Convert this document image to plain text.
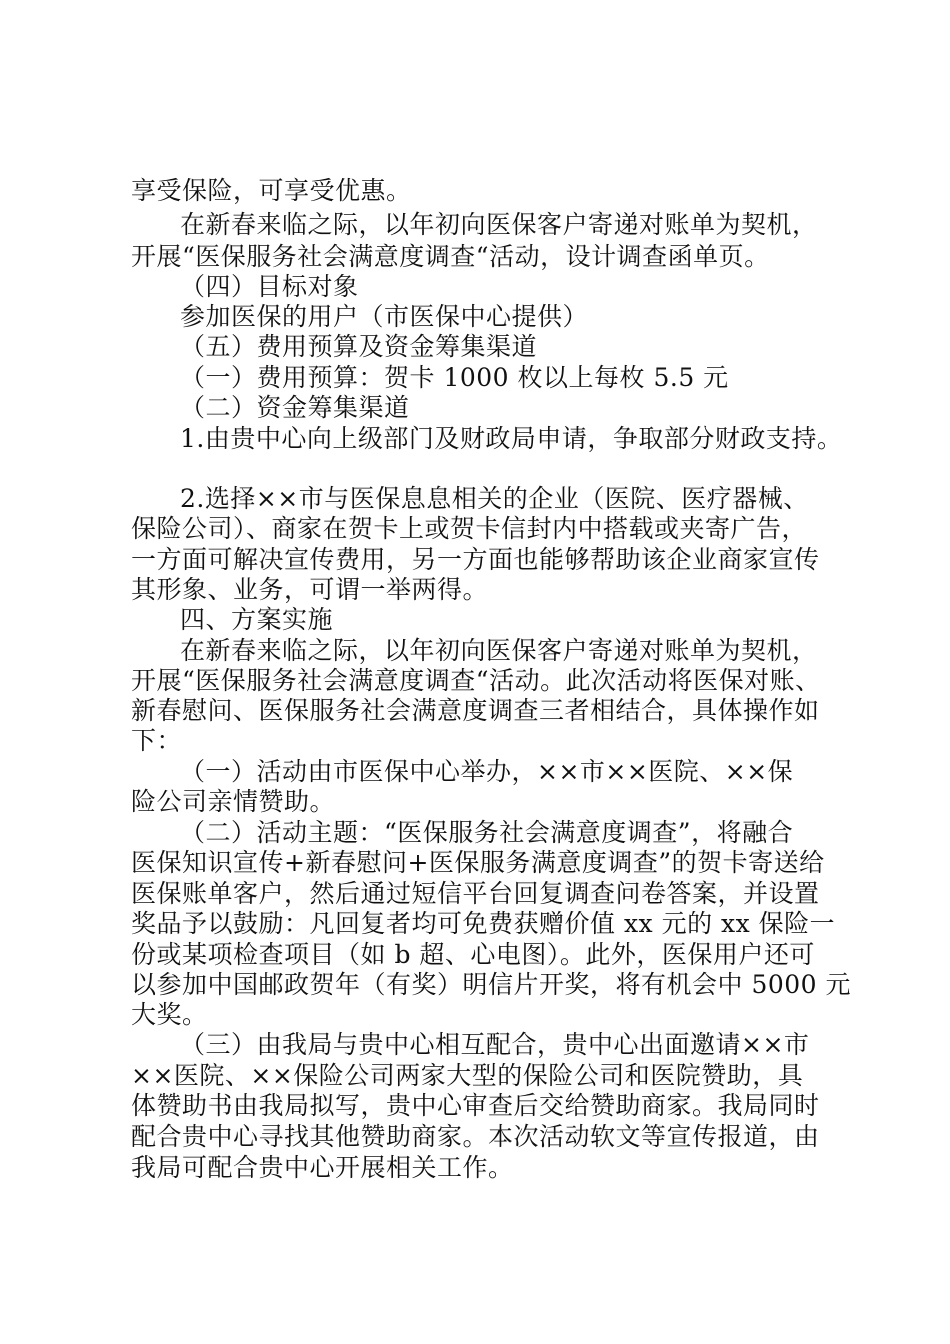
享受保险，可享受优惠。
在新春来临之际，以年初向医保客户寄递对账单为契机，
开展“医保服务社会满意度调查“活动，设计调查函单页。
（四）目标对象
参加医保的用户（市医保中心提供）
（五）费用预算及资金筹集渠道
（一）费用预算：贺卡 1000 枚以上每枚 5.5 元
（二）资金筹集渠道
1.由贵中心向上级部门及财政局申请，争取部分财政支持。
2.选择××市与医保息息相关的企业（医院、医疗器械、
保险公司）、商家在贺卡上或贺卡信封内中搭载或夹寄广告，
一方面可解决宣传费用，另一方面也能够帮助该企业商家宣传
其形象、业务，可谓一举两得。
四、方案实施
在新春来临之际，以年初向医保客户寄递对账单为契机，
开展“医保服务社会满意度调查“活动。此次活动将医保对账、
新春慰问、医保服务社会满意度调查三者相结合，具体操作如
下：
（一）活动由市医保中心举办，××市××医院、××保
险公司亲情赞助。
（二）活动主题：“医保服务社会满意度调查”，将融合
医保知识宣传+新春慰问+医保服务满意度调查”的贺卡寄送给
医保账单客户，然后通过短信平台回复调查问卷答案，并设置
奖品予以鼓励：凡回复者均可免费获赠价值 xx 元的 xx 保险一
份或某项检查项目（如 b 超、心电图）。此外，医保用户还可
以参加中国邮政贺年（有奖）明信片开奖，将有机会中 5000 元
大奖。
（三）由我局与贵中心相互配合，贵中心出面邀请××市
××医院、××保险公司两家大型的保险公司和医院赞助，具
体赞助书由我局拟写，贵中心审查后交给赞助商家。我局同时
配合贵中心寻找其他赞助商家。本次活动软文等宣传报道，由
我局可配合贵中心开展相关工作。
